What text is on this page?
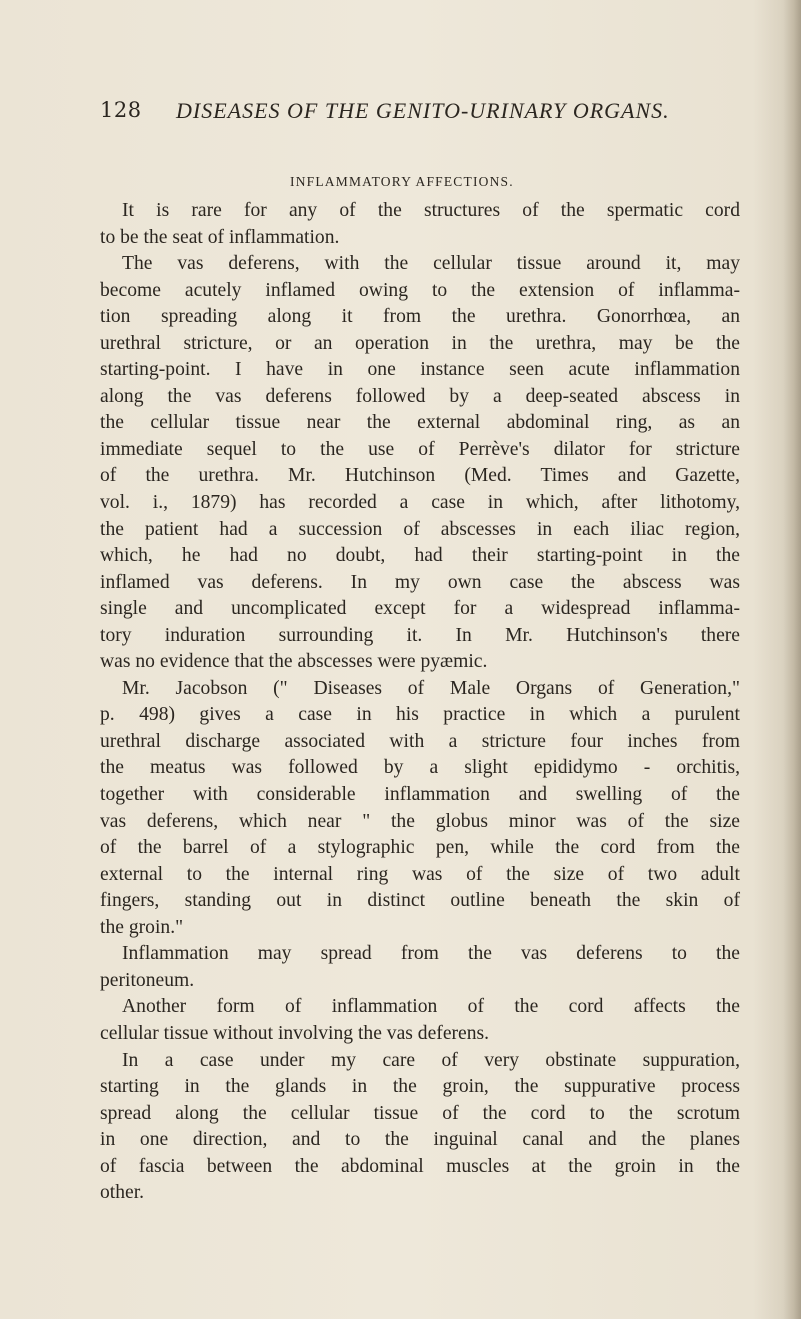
128 DISEASES OF THE GENITO-URINARY ORGANS.
INFLAMMATORY AFFECTIONS.
It is rare for any of the structures of the spermatic cord
to be the seat of inflammation.
The vas deferens, with the cellular tissue around it, may
become acutely inflamed owing to the extension of inflamma-
tion spreading along it from the urethra. Gonorrhœa, an
urethral stricture, or an operation in the urethra, may be the
starting-point. I have in one instance seen acute inflammation
along the vas deferens followed by a deep-seated abscess in
the cellular tissue near the external abdominal ring, as an
immediate sequel to the use of Perrève's dilator for stricture
of the urethra. Mr. Hutchinson (Med. Times and Gazette,
vol. i., 1879) has recorded a case in which, after lithotomy,
the patient had a succession of abscesses in each iliac region,
which, he had no doubt, had their starting-point in the
inflamed vas deferens. In my own case the abscess was
single and uncomplicated except for a widespread inflamma-
tory induration surrounding it. In Mr. Hutchinson's there
was no evidence that the abscesses were pyæmic.
Mr. Jacobson (" Diseases of Male Organs of Generation,"
p. 498) gives a case in his practice in which a purulent
urethral discharge associated with a stricture four inches from
the meatus was followed by a slight epididymo - orchitis,
together with considerable inflammation and swelling of the
vas deferens, which near " the globus minor was of the size
of the barrel of a stylographic pen, while the cord from the
external to the internal ring was of the size of two adult
fingers, standing out in distinct outline beneath the skin of
the groin."
Inflammation may spread from the vas deferens to the
peritoneum.
Another form of inflammation of the cord affects the
cellular tissue without involving the vas deferens.
In a case under my care of very obstinate suppuration,
starting in the glands in the groin, the suppurative process
spread along the cellular tissue of the cord to the scrotum
in one direction, and to the inguinal canal and the planes
of fascia between the abdominal muscles at the groin in the
other.
